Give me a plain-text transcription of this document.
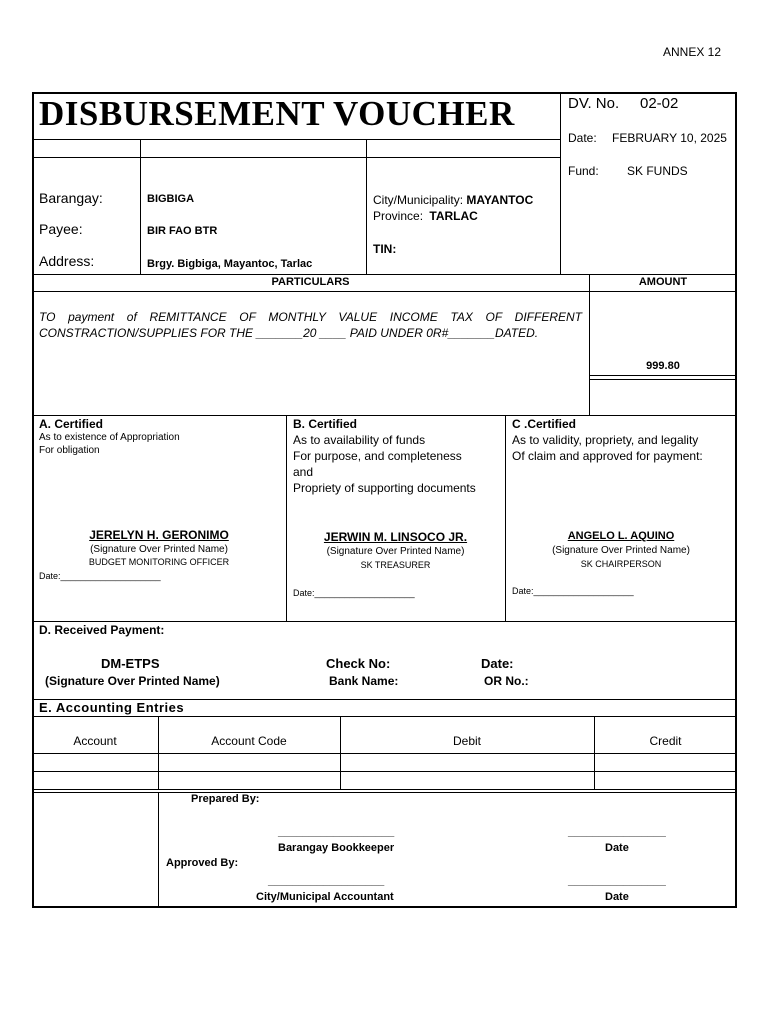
ANNEX 12
DISBURSEMENT VOUCHER	DV. No. 02-02
Date: FEBRUARY 10, 2025
Fund: SK FUNDS
Barangay:	BIGBIGA
Payee:	BIR FAO BTR
Address:	Brgy. Bigbiga, Mayantoc, Tarlac
City/Municipality: MAYANTOC
Province: TARLAC
TIN:
PARTICULARS	AMOUNT
TO payment of REMITTANCE OF MONTHLY VALUE INCOME TAX OF DIFFERENT
CONSTRACTION/SUPPLIES FOR THE _______20 ____ PAID UNDER 0R#_______DATED.
999.80
A. Certified
As to existence of Appropriation
For obligation
JERELYN H. GERONIMO
(Signature Over Printed Name)
BUDGET MONITORING OFFICER
Date:____________________
B. Certified
As to availability of funds
For purpose, and completeness
and
Propriety of supporting documents
JERWIN M. LINSOCO JR.
(Signature Over Printed Name)
SK TREASURER
Date:____________________
C .Certified
As to validity, propriety, and legality
Of claim and approved for payment:
ANGELO L. AQUINO
(Signature Over Printed Name)
SK CHAIRPERSON
Date:____________________
D. Received Payment:
DM-ETPS
(Signature Over Printed Name)
Check No:
Bank Name:
Date:
OR No.:
E. Accounting Entries
Account	Account Code	Debit	Credit
Prepared By:
___________________
Barangay Bookkeeper
________________
Date
Approved By:
___________________
City/Municipal Accountant
________________
Date
